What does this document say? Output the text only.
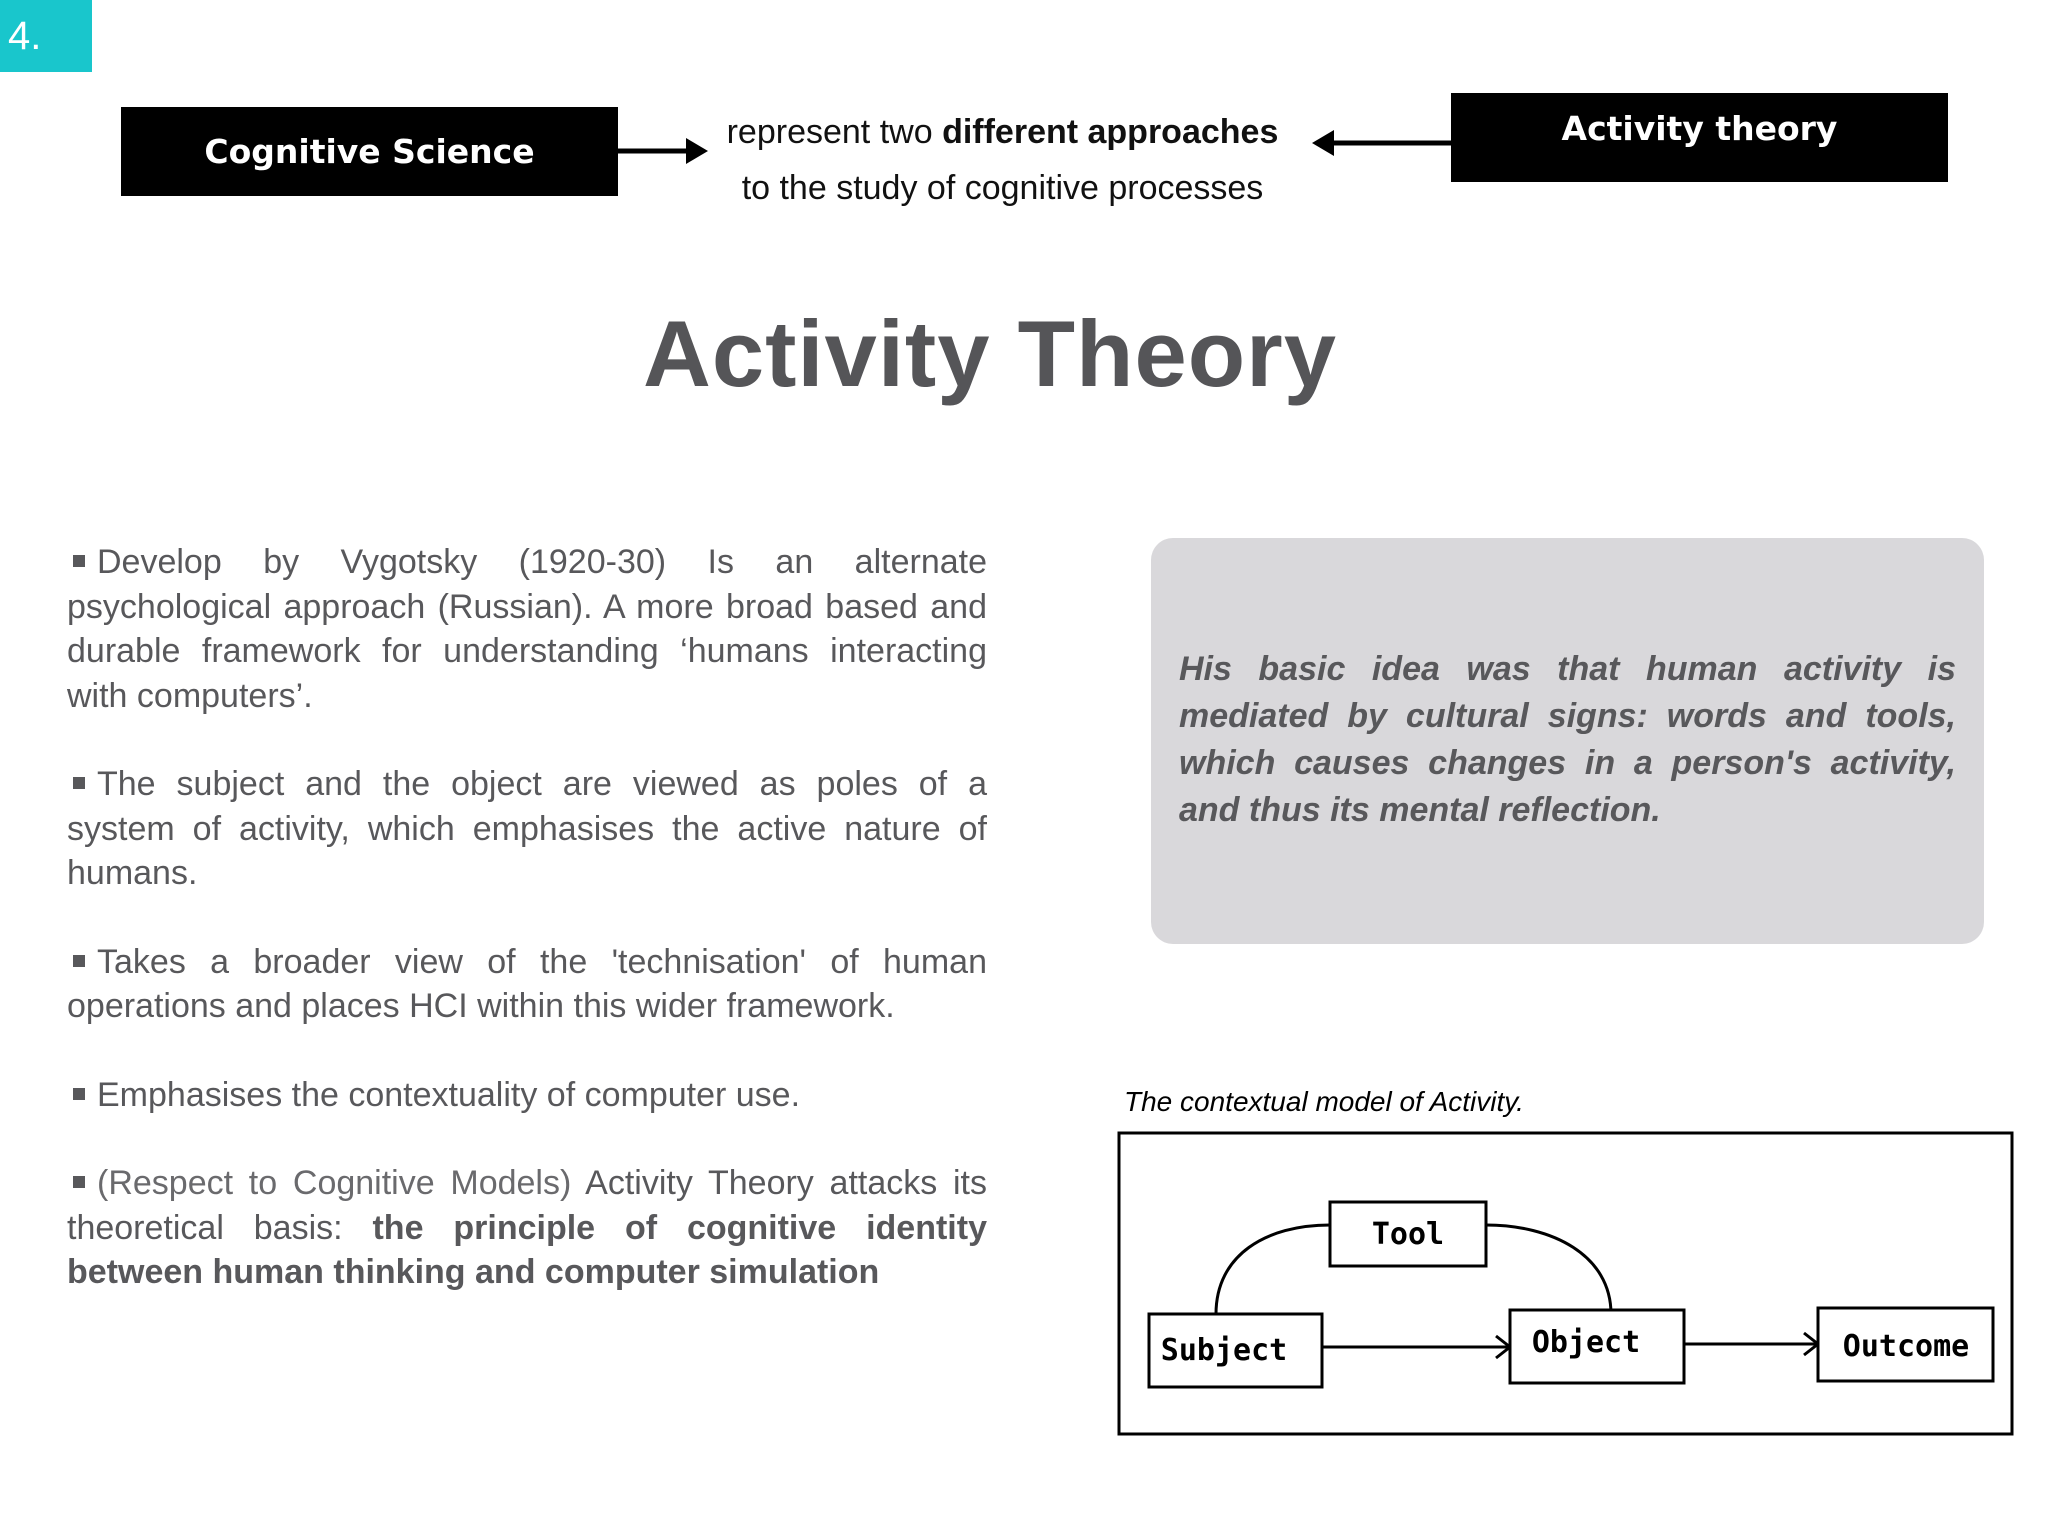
4.
Cognitive Science	represent two different approaches
to the study of cognitive processes
Activity theory
Activity Theory

Develop by Vygotsky (1920-30) Is an alternate psychological approach (Russian). A more broad based and durable framework for understanding ‘humans interacting with computers’.

The subject and the object are viewed as poles of a system of activity, which emphasises the active nature of humans.

Takes a broader view of the 'technisation' of human operations and places HCI within this wider framework.

Emphasises the contextuality of computer use.

(Respect to Cognitive Models) Activity Theory attacks its theoretical basis: the principle of cognitive identity between human thinking and computer simulation

His basic idea was that human activity is mediated by cultural signs: words and tools, which causes changes in a person's activity, and thus its mental reflection.

The contextual model of Activity.
Tool
Subject	Object	Outcome
